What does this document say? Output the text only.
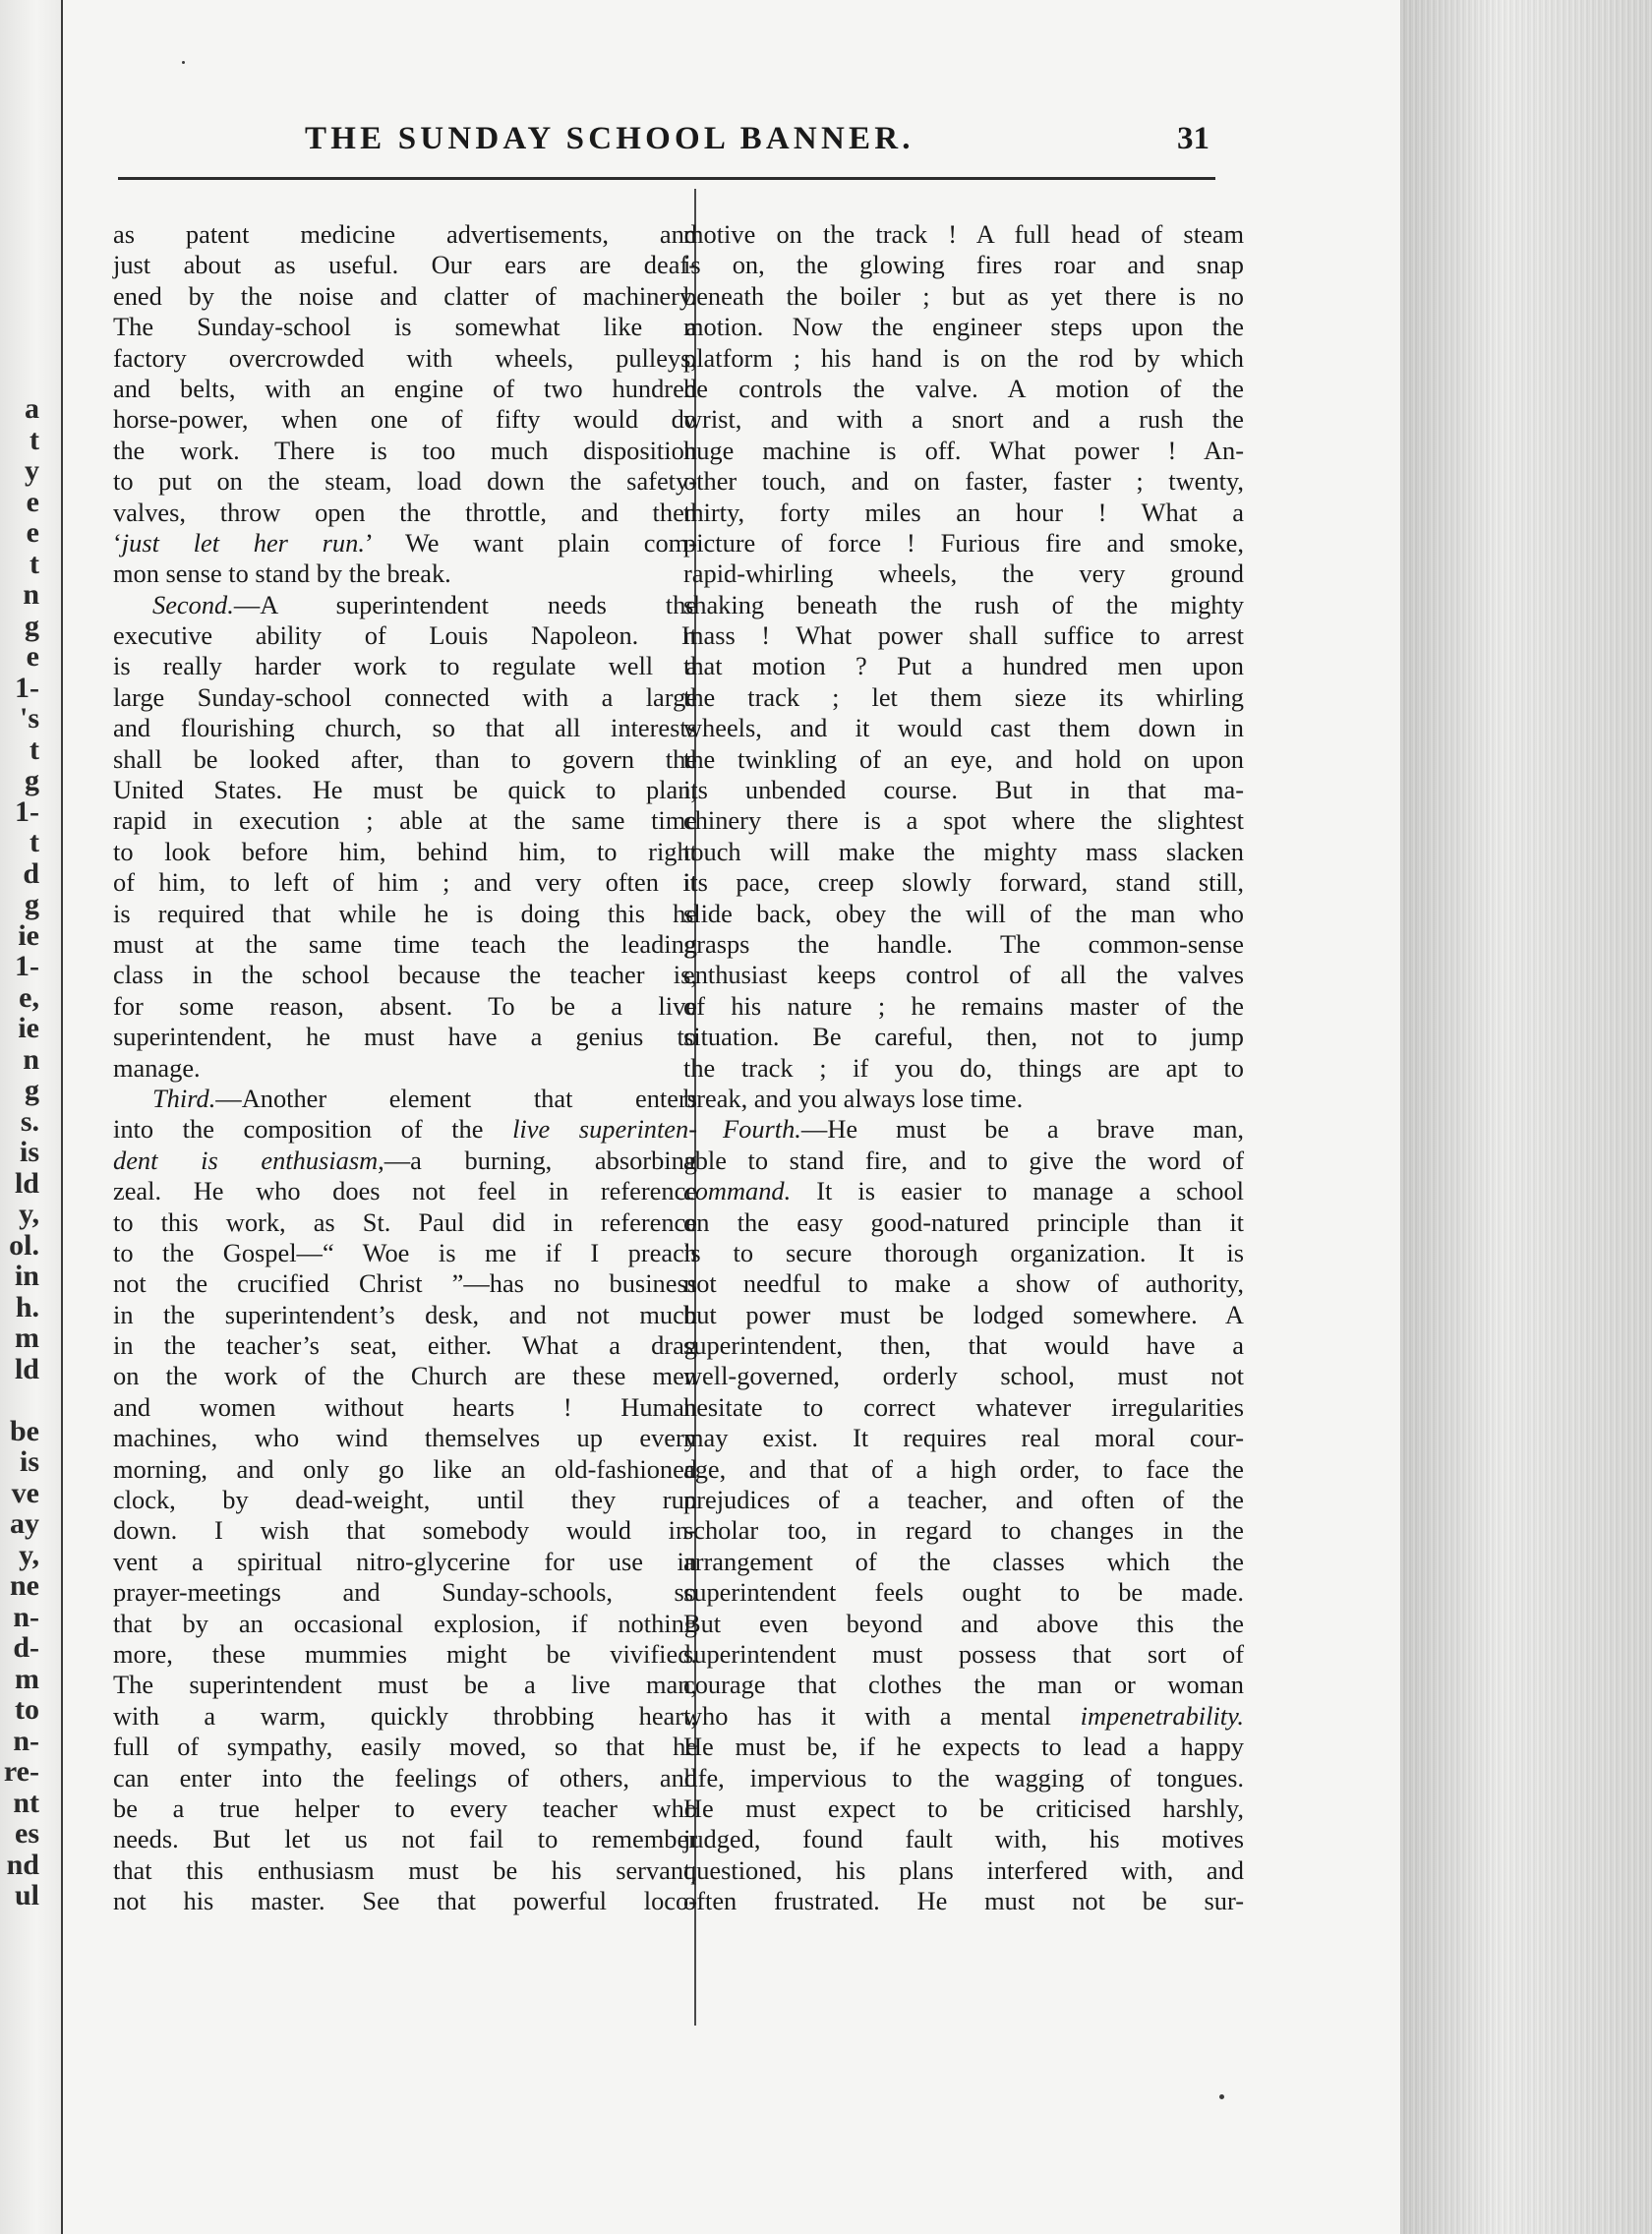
a
t
y
e
e
t
n
g
e
1-
's
t
g
1-
t
d
g
ie
1-
e,
ie
n
g
s.
is
ld
y,
ol.
in
h.
m
ld
be
is
ve
ay
y,
ne
n-
d-
m
to
n-
re-
nt
es
nd
ul
THE SUNDAY SCHOOL BANNER.	31
as patent medicine advertisements, and
just about as useful. Our ears are deaf-
ened by the noise and clatter of machinery.
The Sunday-school is somewhat like a
factory overcrowded with wheels, pulleys,
and belts, with an engine of two hundred
horse-power, when one of fifty would do
the work. There is too much disposition
to put on the steam, load down the safety-
valves, throw open the throttle, and then
‘just let her run.’ We want plain com-
mon sense to stand by the break.
Second.—A superintendent needs the
executive ability of Louis Napoleon. It
is really harder work to regulate well a
large Sunday-school connected with a large
and flourishing church, so that all interests
shall be looked after, than to govern the
United States. He must be quick to plan,
rapid in execution ; able at the same time
to look before him, behind him, to right
of him, to left of him ; and very often it
is required that while he is doing this he
must at the same time teach the leading
class in the school because the teacher is,
for some reason, absent. To be a live
superintendent, he must have a genius to
manage.
Third.—Another element that enters
into the composition of the live superinten-
dent is enthusiasm,—a burning, absorbing
zeal. He who does not feel in reference
to this work, as St. Paul did in reference
to the Gospel—“ Woe is me if I preach
not the crucified Christ ”—has no business
in the superintendent’s desk, and not much
in the teacher’s seat, either. What a drag
on the work of the Church are these men
and women without hearts ! Human
machines, who wind themselves up every
morning, and only go like an old-fashioned
clock, by dead-weight, until they run
down. I wish that somebody would in-
vent a spiritual nitro-glycerine for use in
prayer-meetings and Sunday-schools, so
that by an occasional explosion, if nothing
more, these mummies might be vivified.
The superintendent must be a live man,
with a warm, quickly throbbing heart,
full of sympathy, easily moved, so that he
can enter into the feelings of others, and
be a true helper to every teacher who
needs. But let us not fail to remember
that this enthusiasm must be his servant,
not his master. See that powerful loco-
motive on the track ! A full head of steam
is on, the glowing fires roar and snap
beneath the boiler ; but as yet there is no
motion. Now the engineer steps upon the
platform ; his hand is on the rod by which
he controls the valve. A motion of the
wrist, and with a snort and a rush the
huge machine is off. What power ! An-
other touch, and on faster, faster ; twenty,
thirty, forty miles an hour ! What a
picture of force ! Furious fire and smoke,
rapid-whirling wheels, the very ground
shaking beneath the rush of the mighty
mass ! What power shall suffice to arrest
that motion ? Put a hundred men upon
the track ; let them sieze its whirling
wheels, and it would cast them down in
the twinkling of an eye, and hold on upon
its unbended course. But in that ma-
chinery there is a spot where the slightest
touch will make the mighty mass slacken
its pace, creep slowly forward, stand still,
slide back, obey the will of the man who
grasps the handle. The common-sense
enthusiast keeps control of all the valves
of his nature ; he remains master of the
situation. Be careful, then, not to jump
the track ; if you do, things are apt to
break, and you always lose time.
Fourth.—He must be a brave man,
able to stand fire, and to give the word of
command. It is easier to manage a school
on the easy good-natured principle than it
is to secure thorough organization. It is
not needful to make a show of authority,
but power must be lodged somewhere. A
superintendent, then, that would have a
well-governed, orderly school, must not
hesitate to correct whatever irregularities
may exist. It requires real moral cour-
age, and that of a high order, to face the
prejudices of a teacher, and often of the
scholar too, in regard to changes in the
arrangement of the classes which the
superintendent feels ought to be made.
But even beyond and above this the
superintendent must possess that sort of
courage that clothes the man or woman
who has it with a mental impenetrability.
He must be, if he expects to lead a happy
life, impervious to the wagging of tongues.
He must expect to be criticised harshly,
judged, found fault with, his motives
questioned, his plans interfered with, and
often frustrated. He must not be sur-
